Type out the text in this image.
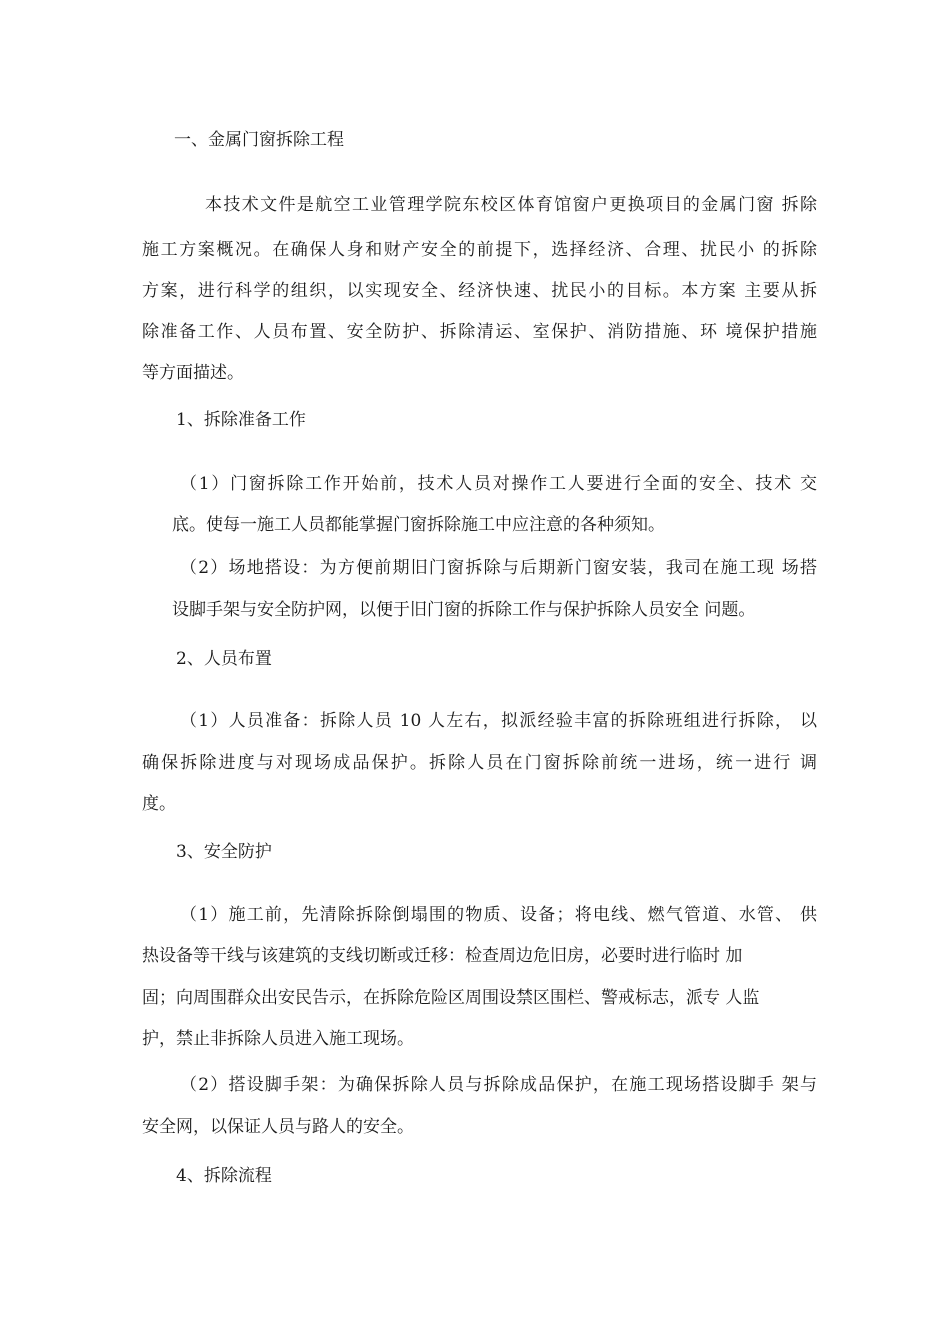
一、金属门窗拆除工程

本技术文件是航空工业管理学院东校区体育馆窗户更换项目的金属门窗 拆除

施工方案概况。在确保人身和财产安全的前提下，选择经济、合理、扰民小 的拆除

方案，进行科学的组织，以实现安全、经济快速、扰民小的目标。本方案 主要从拆

除准备工作、人员布置、安全防护、拆除清运、室保护、消防措施、环 境保护措施

等方面描述。

1、拆除准备工作

（1）门窗拆除工作开始前，技术人员对操作工人要进行全面的安全、技术 交

底。使每一施工人员都能掌握门窗拆除施工中应注意的各种须知。

（2）场地搭设：为方便前期旧门窗拆除与后期新门窗安装，我司在施工现 场搭

设脚手架与安全防护网，以便于旧门窗的拆除工作与保护拆除人员安全 问题。

2、人员布置

（1）人员准备：拆除人员 10 人左右，拟派经验丰富的拆除班组进行拆除， 以

确保拆除进度与对现场成品保护。拆除人员在门窗拆除前统一进场，统一进行 调

度。

3、安全防护

（1）施工前，先清除拆除倒塌围的物质、设备；将电线、燃气管道、水管、 供

热设备等干线与该建筑的支线切断或迁移：检查周边危旧房，必要时进行临时 加

固；向周围群众出安民告示，在拆除危险区周围设禁区围栏、警戒标志，派专 人监

护，禁止非拆除人员进入施工现场。

（2）搭设脚手架：为确保拆除人员与拆除成品保护，在施工现场搭设脚手 架与

安全网，以保证人员与路人的安全。

4、拆除流程
